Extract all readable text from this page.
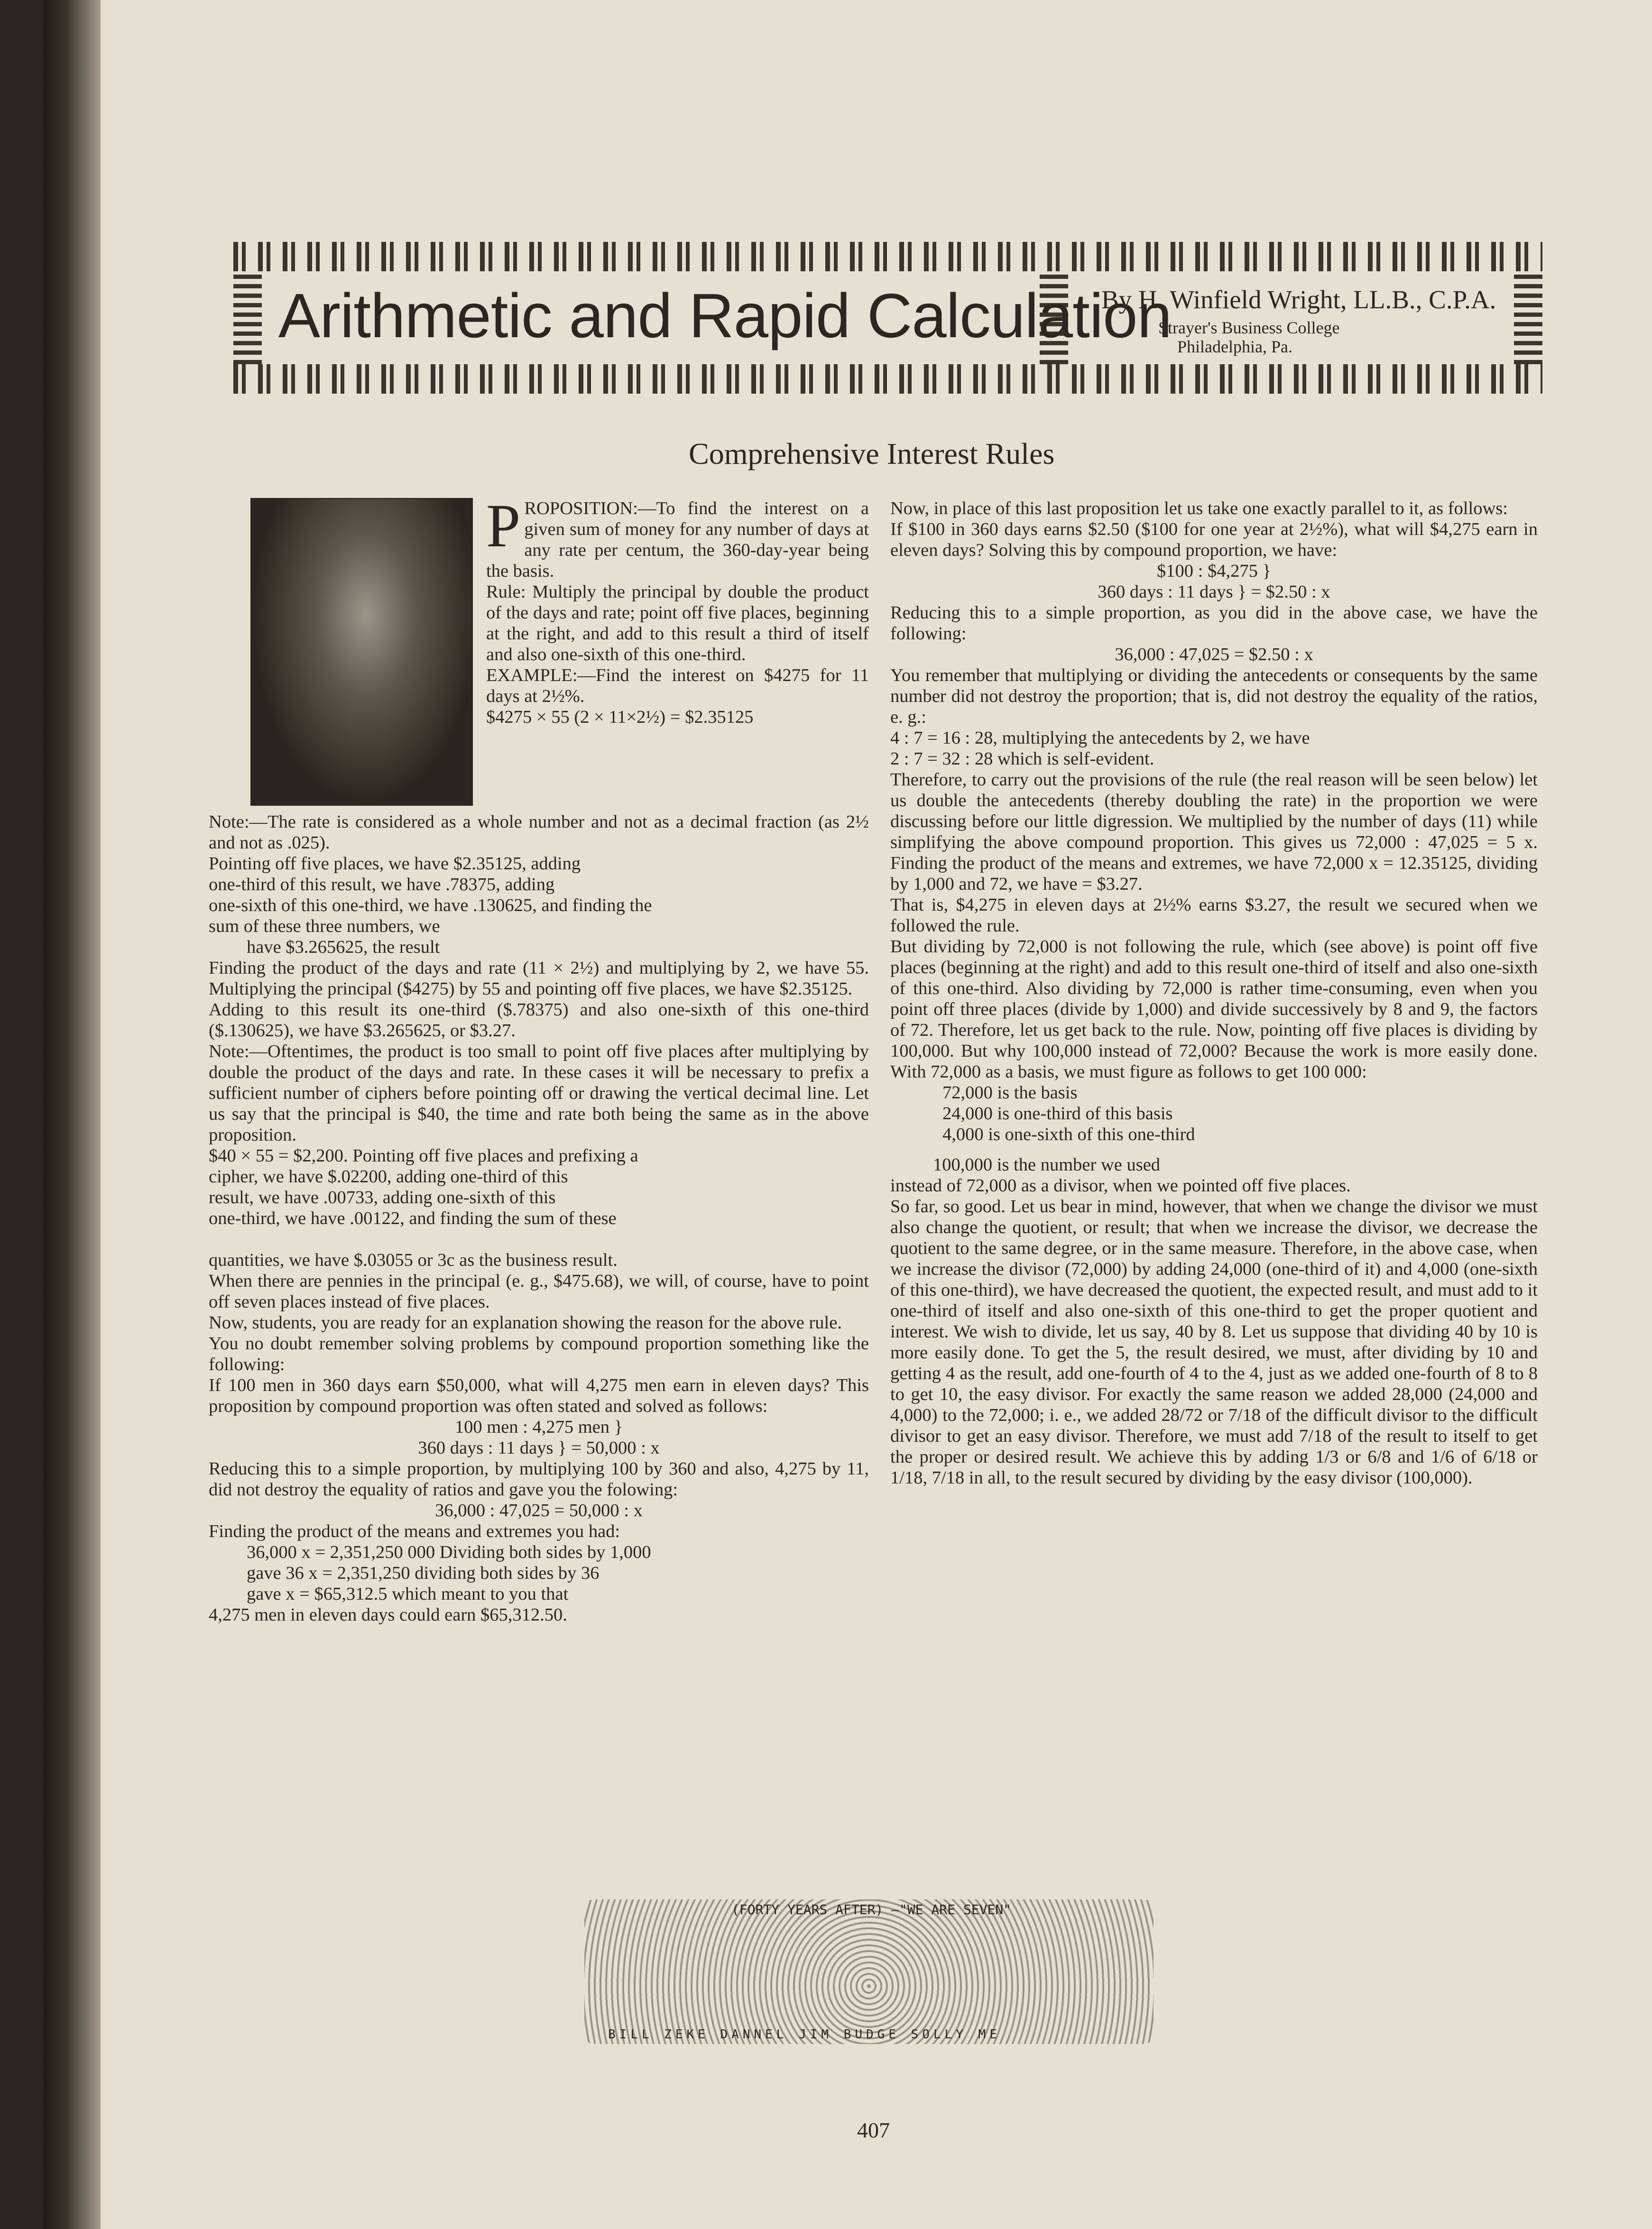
Arithmetic and Rapid Calculation
By H. Winfield Wright, LL.B., C.P.A.
Strayer's Business College
Philadelphia, Pa.
Comprehensive Interest Rules
P ROPOSITION:—To find the interest on a given sum of money for any number of days at any rate per centum, the 360-day-year being the basis.

Rule: Multiply the principal by double the product of the days and rate; point off five places, beginning at the right, and add to this result a third of itself and also one-sixth of this one-third.

EXAMPLE:—Find the interest on $4275 for 11 days at 2½%.

$4275 × 55 (2 × 11×2½) = $2.35125

Note:—The rate is considered as a whole number and not as a decimal fraction (as 2½ and not as .025).

Pointing off five places, we have $2.35125, adding

one-third of this result, we have .78375, adding

one-sixth of this one-third, we have .130625, and finding the

sum of these three numbers, we

have $3.265625, the result

Finding the product of the days and rate (11 × 2½) and multiplying by 2, we have 55. Multiplying the principal ($4275) by 55 and pointing off five places, we have $2.35125.

Adding to this result its one-third ($.78375) and also one-sixth of this one-third ($.130625), we have $3.265625, or $3.27.

Note:—Oftentimes, the product is too small to point off five places after multiplying by double the product of the days and rate. In these cases it will be necessary to prefix a sufficient number of ciphers before pointing off or drawing the vertical decimal line. Let us say that the principal is $40, the time and rate both being the same as in the above proposition.

$40 × 55 = $2,200. Pointing off five places and prefixing a

cipher, we have $.02200, adding one-third of this

result, we have .00733, adding one-sixth of this

one-third, we have .00122, and finding the sum of these

quantities, we have $.03055 or 3c as the business result.

When there are pennies in the principal (e. g., $475.68), we will, of course, have to point off seven places instead of five places.

Now, students, you are ready for an explanation showing the reason for the above rule.

You no doubt remember solving problems by compound proportion something like the following:

If 100 men in 360 days earn $50,000, what will 4,275 men earn in eleven days? This proposition by compound proportion was often stated and solved as follows:

100 men : 4,275 men }

360 days : 11 days } = 50,000 : x

Reducing this to a simple proportion, by multiplying 100 by 360 and also, 4,275 by 11, did not destroy the equality of ratios and gave you the folowing:

36,000 : 47,025 = 50,000 : x

Finding the product of the means and extremes you had:

36,000 x = 2,351,250 000 Dividing both sides by 1,000

gave 36 x = 2,351,250 dividing both sides by 36

gave x = $65,312.5 which meant to you that

4,275 men in eleven days could earn $65,312.50.

Now, in place of this last proposition let us take one exactly parallel to it, as follows:

If $100 in 360 days earns $2.50 ($100 for one year at 2½%), what will $4,275 earn in eleven days? Solving this by compound proportion, we have:

$100 : $4,275 }

360 days : 11 days } = $2.50 : x

Reducing this to a simple proportion, as you did in the above case, we have the following:

36,000 : 47,025 = $2.50 : x

You remember that multiplying or dividing the antecedents or consequents by the same number did not destroy the proportion; that is, did not destroy the equality of the ratios, e. g.:

4 : 7 = 16 : 28, multiplying the antecedents by 2, we have

2 : 7 = 32 : 28 which is self-evident.

Therefore, to carry out the provisions of the rule (the real reason will be seen below) let us double the antecedents (thereby doubling the rate) in the proportion we were discussing before our little digression. We multiplied by the number of days (11) while simplifying the above compound proportion. This gives us 72,000 : 47,025 = 5 x. Finding the product of the means and extremes, we have 72,000 x = 12.35125, dividing by 1,000 and 72, we have = $3.27.

That is, $4,275 in eleven days at 2½% earns $3.27, the result we secured when we followed the rule.

But dividing by 72,000 is not following the rule, which (see above) is point off five places (beginning at the right) and add to this result one-third of itself and also one-sixth of this one-third. Also dividing by 72,000 is rather time-consuming, even when you point off three places (divide by 1,000) and divide successively by 8 and 9, the factors of 72. Therefore, let us get back to the rule. Now, pointing off five places is dividing by 100,000. But why 100,000 instead of 72,000? Because the work is more easily done. With 72,000 as a basis, we must figure as follows to get 100 000:

72,000 is the basis

24,000 is one-third of this basis

4,000 is one-sixth of this one-third

100,000 is the number we used

instead of 72,000 as a divisor, when we pointed off five places.

So far, so good. Let us bear in mind, however, that when we change the divisor we must also change the quotient, or result; that when we increase the divisor, we decrease the quotient to the same degree, or in the same measure. Therefore, in the above case, when we increase the divisor (72,000) by adding 24,000 (one-third of it) and 4,000 (one-sixth of this one-third), we have decreased the quotient, the expected result, and must add to it one-third of itself and also one-sixth of this one-third to get the proper quotient and interest. We wish to divide, let us say, 40 by 8. Let us suppose that dividing 40 by 10 is more easily done. To get the 5, the result desired, we must, after dividing by 10 and getting 4 as the result, add one-fourth of 4 to the 4, just as we added one-fourth of 8 to 8 to get 10, the easy divisor. For exactly the same reason we added 28,000 (24,000 and 4,000) to the 72,000; i. e., we added 28/72 or 7/18 of the difficult divisor to the difficult divisor to get an easy divisor. Therefore, we must add 7/18 of the result to itself to get the proper or desired result. We achieve this by adding 1/3 or 6/8 and 1/6 of 6/18 or 1/18, 7/18 in all, to the result secured by dividing by the easy divisor (100,000).

(FORTY YEARS AFTER) —"WE ARE SEVEN"
BILL ZEKE DANNEL JIM BUDGE SOLLY ME
407
